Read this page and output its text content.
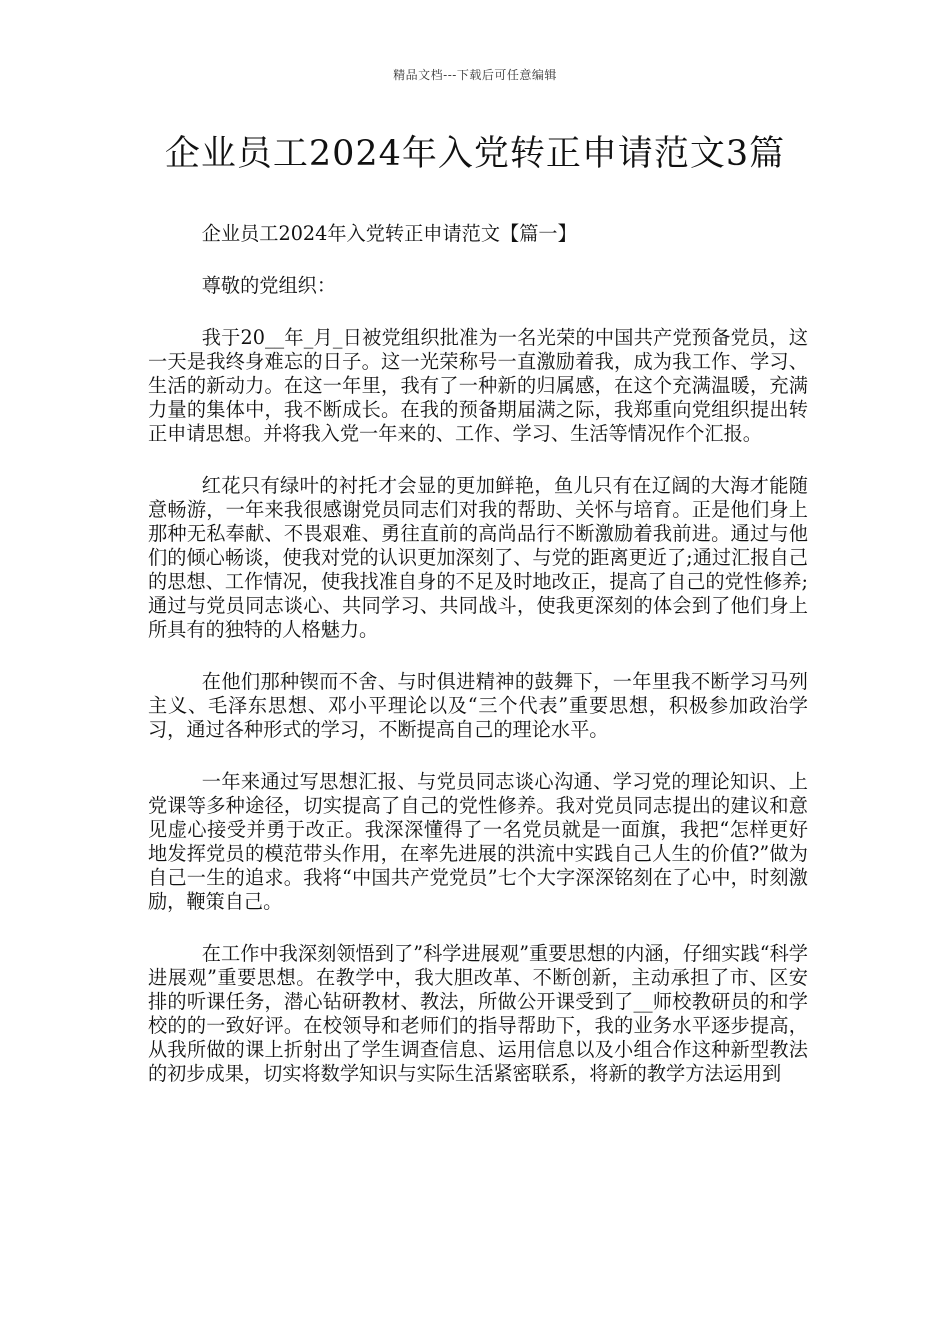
精品文档---下载后可任意编辑
企业员工2024年入党转正申请范文3篇

企业员工2024年入党转正申请范文【篇一】

尊敬的党组织：

我于20__年_月_日被党组织批准为一名光荣的中国共产党预备党员，这一天是我终身难忘的日子。这一光荣称号一直激励着我，成为我工作、学习、生活的新动力。在这一年里，我有了一种新的归属感，在这个充满温暖，充满力量的集体中，我不断成长。在我的预备期届满之际，我郑重向党组织提出转正申请思想。并将我入党一年来的、工作、学习、生活等情况作个汇报。

红花只有绿叶的衬托才会显的更加鲜艳，鱼儿只有在辽阔的大海才能随意畅游，一年来我很感谢党员同志们对我的帮助、关怀与培育。正是他们身上那种无私奉献、不畏艰难、勇往直前的高尚品行不断激励着我前进。通过与他们的倾心畅谈，使我对党的认识更加深刻了、与党的距离更近了;通过汇报自己的思想、工作情况，使我找准自身的不足及时地改正，提高了自己的党性修养;通过与党员同志谈心、共同学习、共同战斗，使我更深刻的体会到了他们身上所具有的独特的人格魅力。

在他们那种锲而不舍、与时俱进精神的鼓舞下，一年里我不断学习马列主义、毛泽东思想、邓小平理论以及“三个代表”重要思想，积极参加政治学习，通过各种形式的学习，不断提高自己的理论水平。

一年来通过写思想汇报、与党员同志谈心沟通、学习党的理论知识、上党课等多种途径，切实提高了自己的党性修养。我对党员同志提出的建议和意见虚心接受并勇于改正。我深深懂得了一名党员就是一面旗，我把“怎样更好地发挥党员的模范带头作用，在率先进展的洪流中实践自己人生的价值?”做为自己一生的追求。我将“中国共产党党员”七个大字深深铭刻在了心中，时刻激励，鞭策自己。

在工作中我深刻领悟到了”科学进展观”重要思想的内涵，仔细实践“科学进展观”重要思想。在教学中，我大胆改革、不断创新，主动承担了市、区安排的听课任务，潜心钻研教材、教法，所做公开课受到了__师校教研员的和学校的的一致好评。在校领导和老师们的指导帮助下，我的业务水平逐步提高，从我所做的课上折射出了学生调查信息、运用信息以及小组合作这种新型教法的初步成果，切实将数学知识与实际生活紧密联系，将新的教学方法运用到
